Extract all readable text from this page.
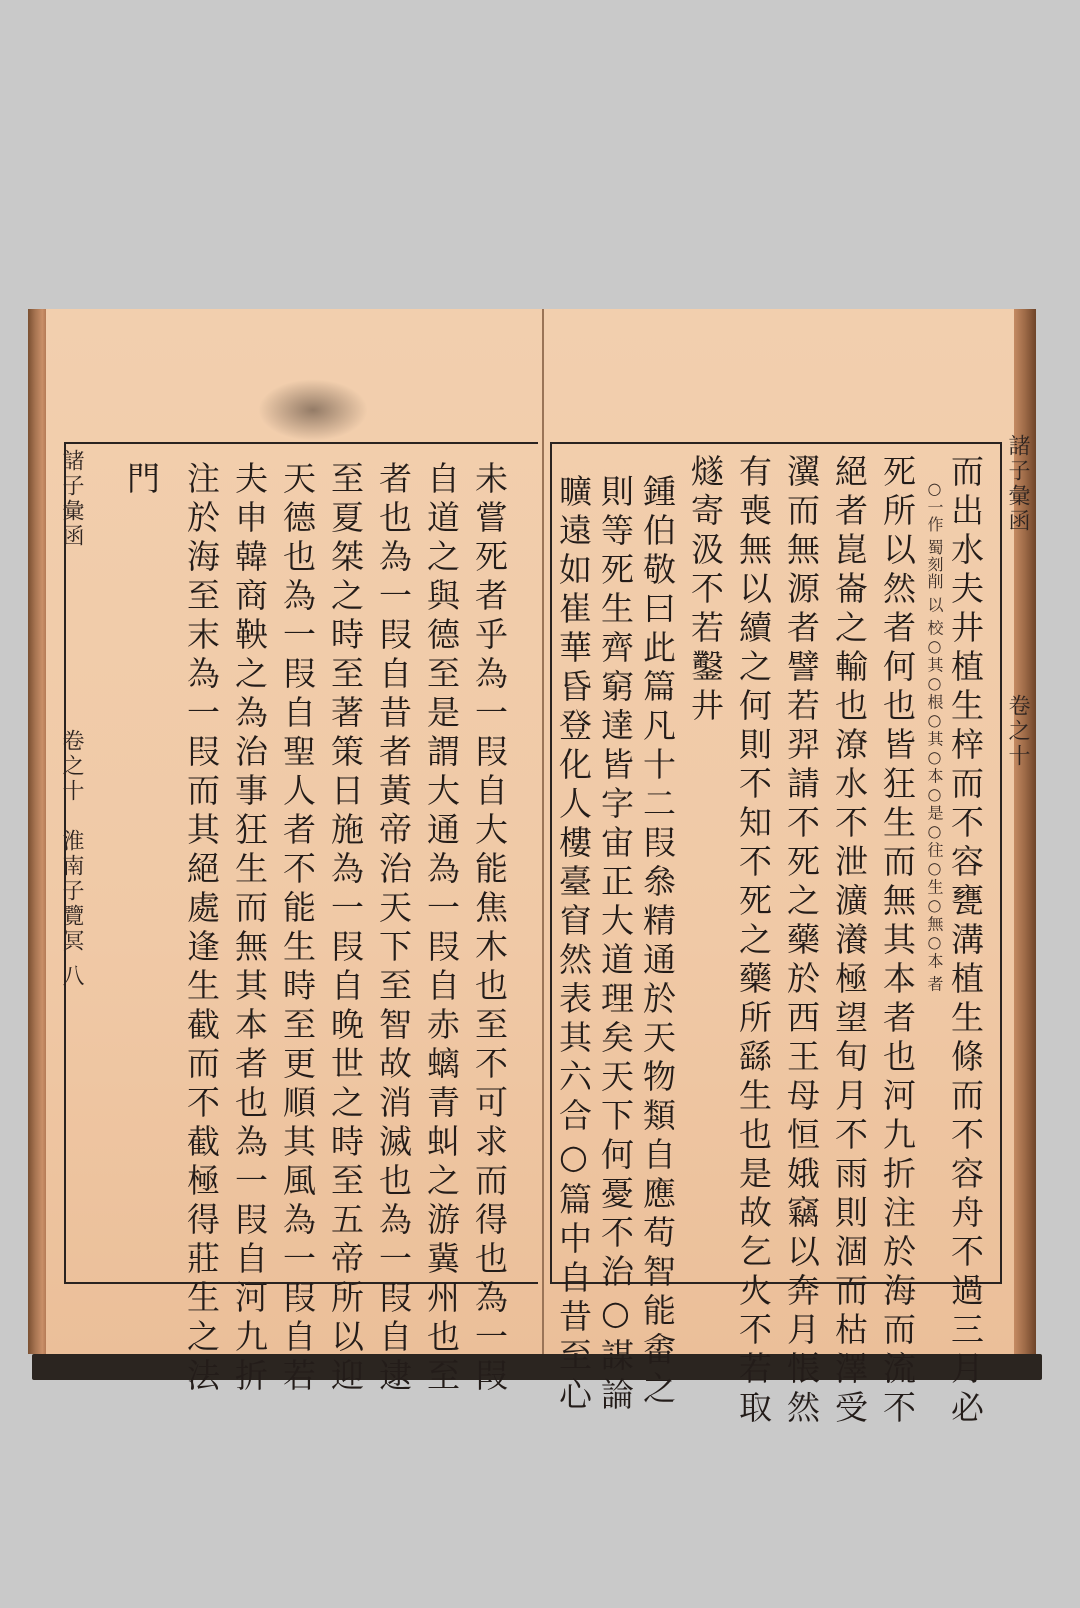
諸子彙函
卷之十
淮南子覽冥 八	未嘗死者乎為一叚自大能焦木也至不可求而得也為一叚
自道之與德至是謂大通為一叚自赤螭青虯之游冀州也至
者也為一叚自昔者黃帝治天下至智故消滅也為一叚自逮
至夏桀之時至著策日施為一叚自晚世之時至五帝所以迎
天德也為一叚自聖人者不能生時至更順其風為一叚自若
夫申韓商鞅之為治事狂生而無其本者也為一叚自河九折
注於海至末為一叚而其絕處逢生截而不截極得莊生之法
門	諸子彙函
卷之十
而出水夫井植生梓而不容甕溝植生條而不容舟不過三月必
○一作 蜀刻削 以 校○其○根○其○本○是○往○生○無○本 者
死所以然者何也皆狂生而無其本者也河九折注於海而流不
絕者崑崙之輸也潦水不泄瀇瀁極望旬月不雨則涸而枯澤受
瀷而無源者譬若羿請不死之藥於西王母恒娥竊以奔月悵然
有喪無以續之何則不知不死之藥所繇生也是故乞火不若取
燧寄汲不若鑿井
鍾伯敬曰此篇凡十二叚叅精通於天物類自應苟智能畬之
則等死生齊窮達皆字宙正大道理矣天下何憂不治○謀論
曠遠如崔華昏登化人樓臺窅然表其六合○篇中自昔至心
